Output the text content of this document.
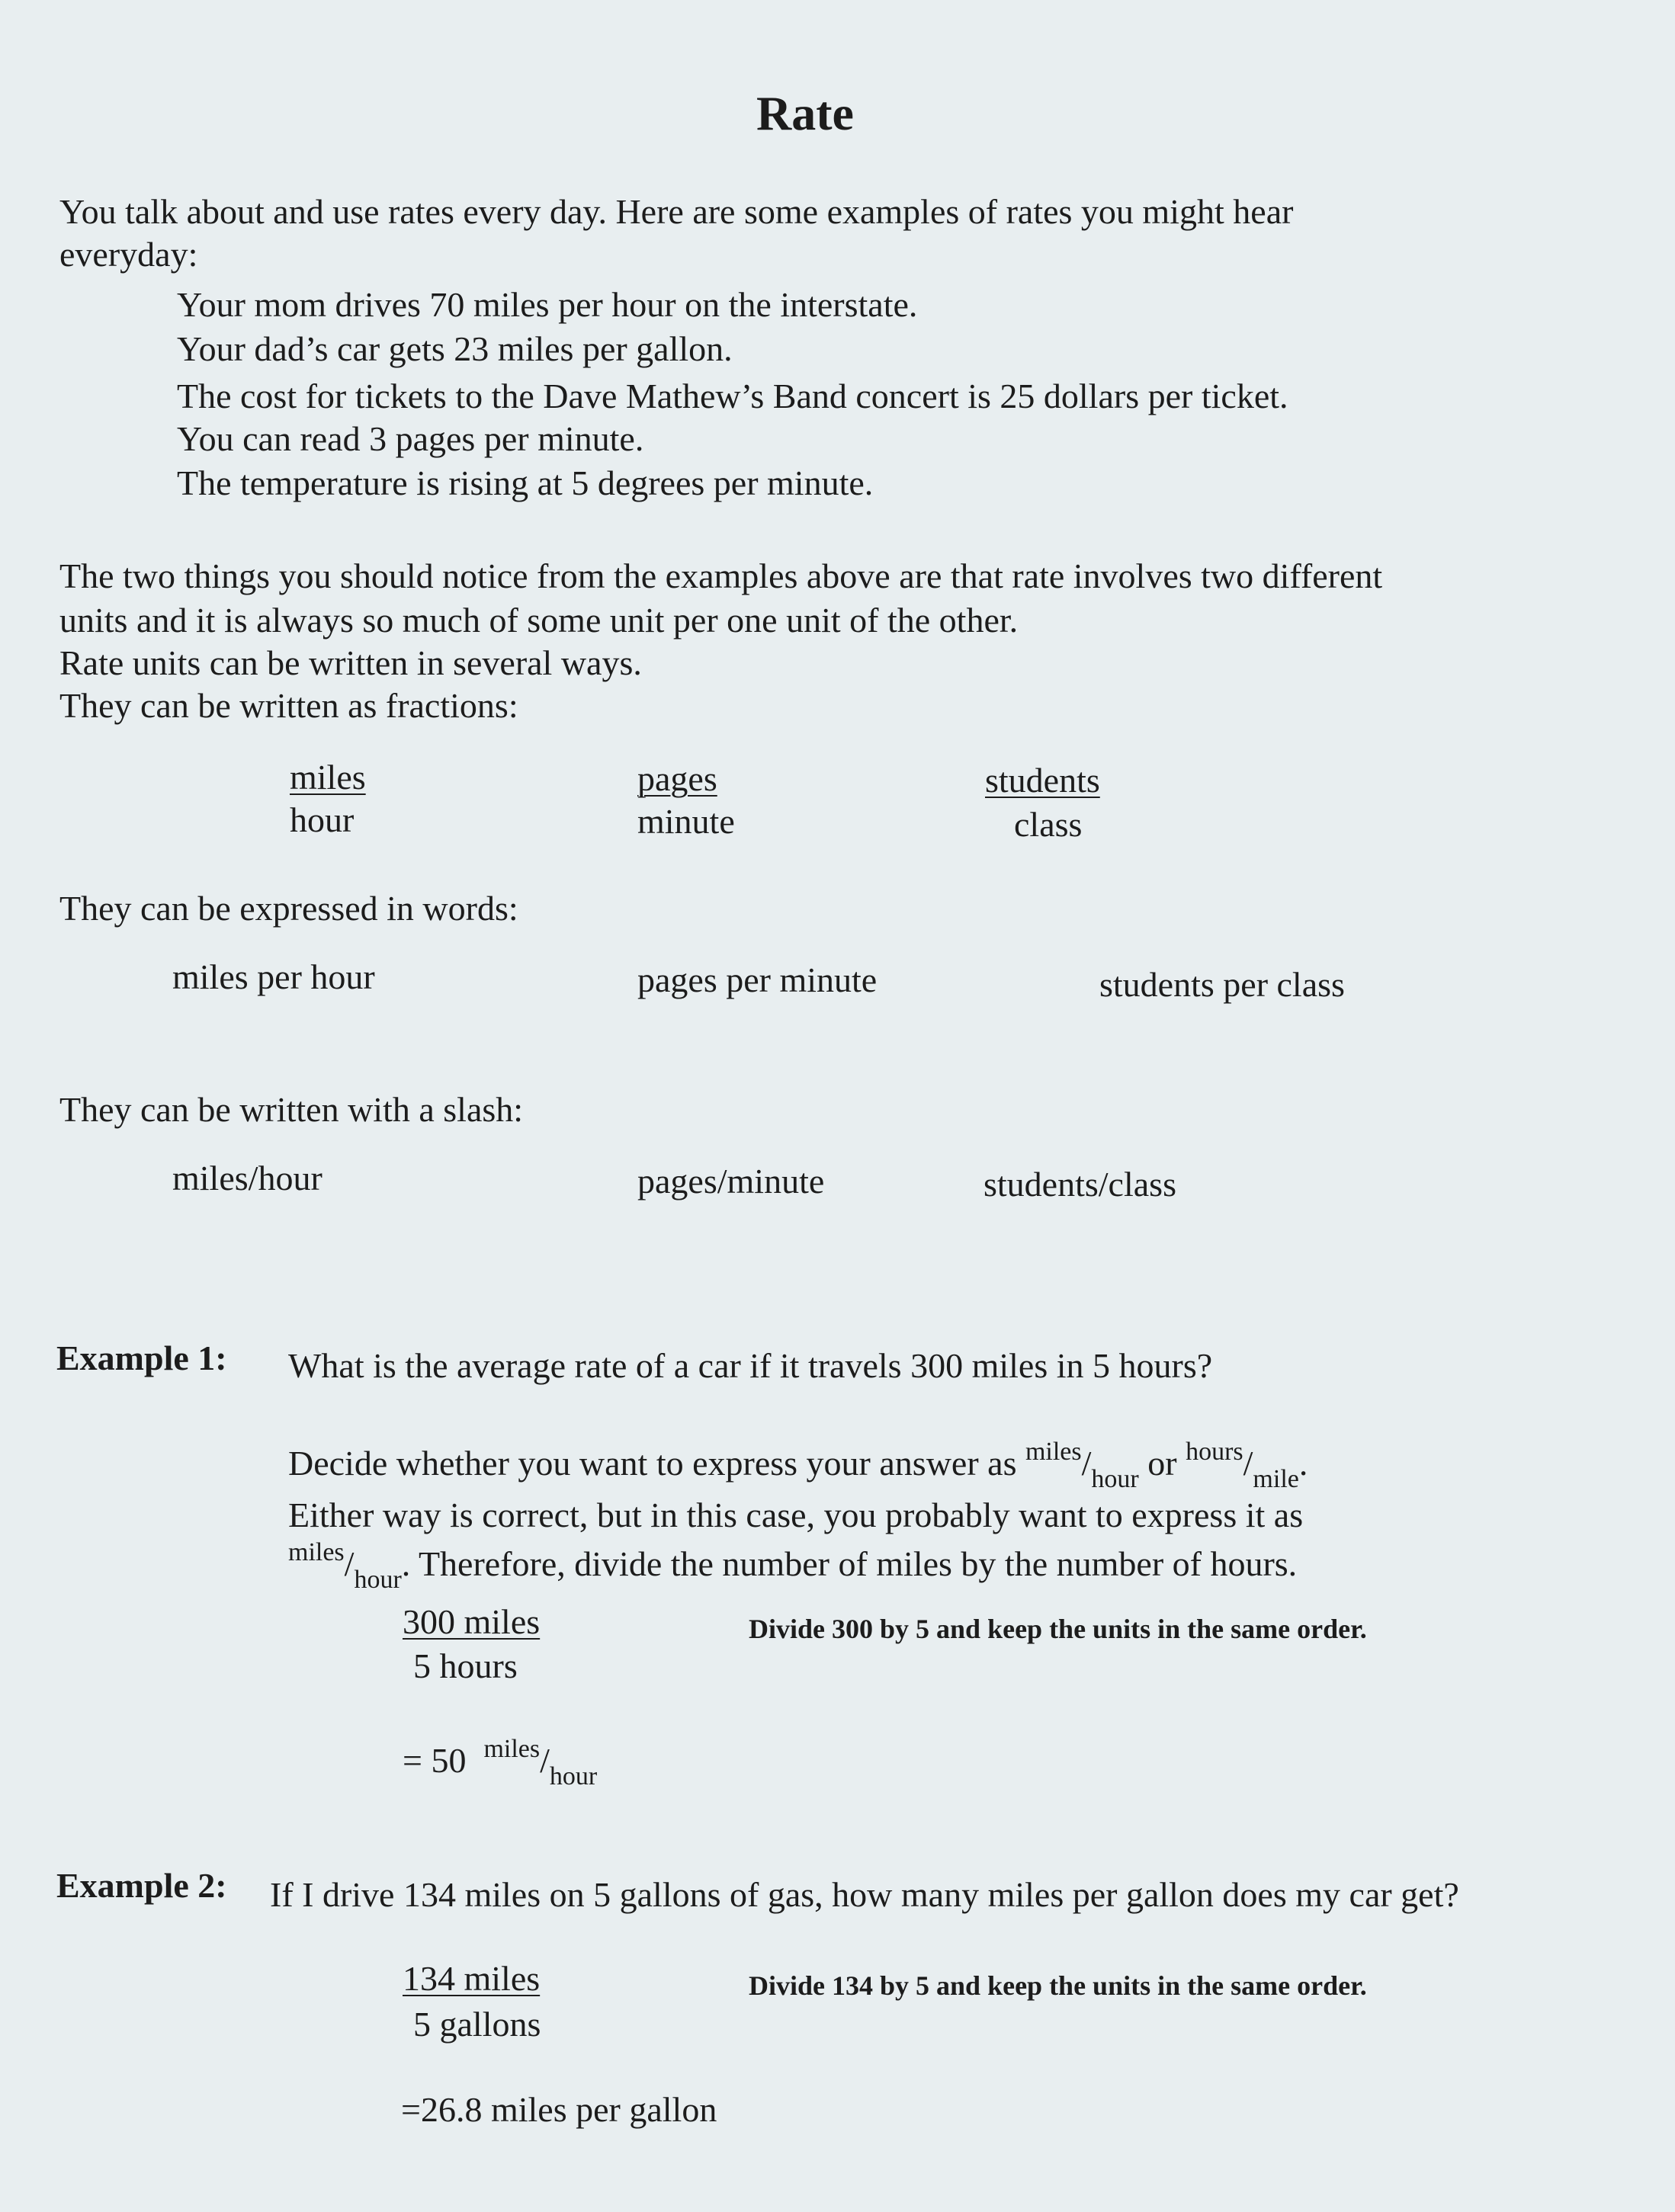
Rate
You talk about and use rates every day. Here are some examples of rates you might hear
everyday:
Your mom drives 70 miles per hour on the interstate.
Your dad’s car gets 23 miles per gallon.
The cost for tickets to the Dave Mathew’s Band concert is 25 dollars per ticket.
You can read 3 pages per minute.
The temperature is rising at 5 degrees per minute.
The two things you should notice from the examples above are that rate involves two different
units and it is always so much of some unit per one unit of the other.
Rate units can be written in several ways.
They can be written as fractions:
miles
hour
pages
minute
students
class
They can be expressed in words:
miles per hour	pages per minute	students per class
They can be written with a slash:
miles/hour	pages/minute	students/class
Example 1: What is the average rate of a car if it travels 300 miles in 5 hours?
Decide whether you want to express your answer as $^{miles}/_{hour}$ or $^{hours}/_{mile}$.
Either way is correct, but in this case, you probably want to express it as
$^{miles}/_{hour}$. Therefore, divide the number of miles by the number of hours.
300 miles
5 hours
Divide 300 by 5 and keep the units in the same order.
= 50 $^{miles}/_{hour}$
Example 2: If I drive 134 miles on 5 gallons of gas, how many miles per gallon does my car get?
134 miles
5 gallons
Divide 134 by 5 and keep the units in the same order.
=26.8 miles per gallon
